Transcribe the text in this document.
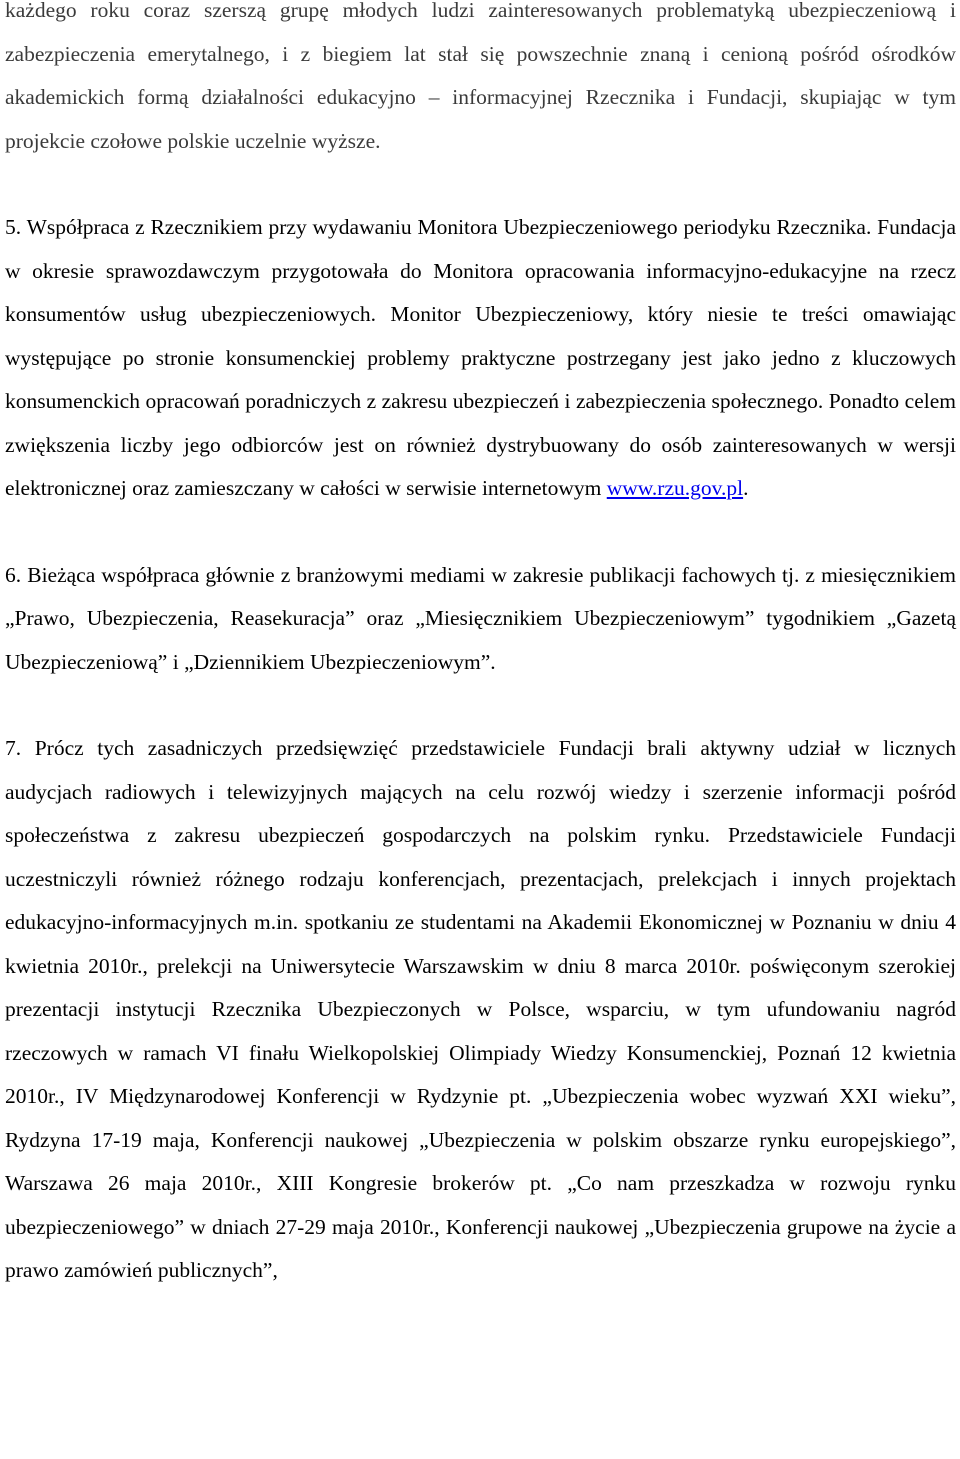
każdego roku coraz szerszą grupę młodych ludzi zainteresowanych problematyką ubezpieczeniową i zabezpieczenia emerytalnego, i z biegiem lat stał się powszechnie znaną i cenioną pośród ośrodków akademickich formą działalności edukacyjno – informacyjnej Rzecznika i Fundacji, skupiając w tym projekcie czołowe polskie uczelnie wyższe.

5. Współpraca z Rzecznikiem przy wydawaniu Monitora Ubezpieczeniowego periodyku Rzecznika. Fundacja w okresie sprawozdawczym przygotowała do Monitora opracowania informacyjno-edukacyjne na rzecz konsumentów usług ubezpieczeniowych. Monitor Ubezpieczeniowy, który niesie te treści omawiając występujące po stronie konsumenckiej problemy praktyczne postrzegany jest jako jedno z kluczowych konsumenckich opracowań poradniczych z zakresu ubezpieczeń i zabezpieczenia społecznego. Ponadto celem zwiększenia liczby jego odbiorców jest on również dystrybuowany do osób zainteresowanych w wersji elektronicznej oraz zamieszczany w całości w serwisie internetowym www.rzu.gov.pl.

6. Bieżąca współpraca głównie z branżowymi mediami w zakresie publikacji fachowych tj. z miesięcznikiem „Prawo, Ubezpieczenia, Reasekuracja” oraz „Miesięcznikiem Ubezpieczeniowym” tygodnikiem „Gazetą Ubezpieczeniową” i „Dziennikiem Ubezpieczeniowym”.

7. Prócz tych zasadniczych przedsięwzięć przedstawiciele Fundacji brali aktywny udział w licznych audycjach radiowych i telewizyjnych mających na celu rozwój wiedzy i szerzenie informacji pośród społeczeństwa z zakresu ubezpieczeń gospodarczych na polskim rynku. Przedstawiciele Fundacji uczestniczyli również różnego rodzaju konferencjach, prezentacjach, prelekcjach i innych projektach edukacyjno-informacyjnych m.in. spotkaniu ze studentami na Akademii Ekonomicznej w Poznaniu w dniu 4 kwietnia 2010r., prelekcji na Uniwersytecie Warszawskim w dniu 8 marca 2010r. poświęconym szerokiej prezentacji instytucji Rzecznika Ubezpieczonych w Polsce, wsparciu, w tym ufundowaniu nagród rzeczowych w ramach VI finału Wielkopolskiej Olimpiady Wiedzy Konsumenckiej, Poznań 12 kwietnia 2010r., IV Międzynarodowej Konferencji w Rydzynie pt. „Ubezpieczenia wobec wyzwań XXI wieku”, Rydzyna 17-19 maja, Konferencji naukowej „Ubezpieczenia w polskim obszarze rynku europejskiego”, Warszawa 26 maja 2010r., XIII Kongresie brokerów pt. „Co nam przeszkadza w rozwoju rynku ubezpieczeniowego” w dniach 27-29 maja 2010r., Konferencji naukowej „Ubezpieczenia grupowe na życie a prawo zamówień publicznych”,
